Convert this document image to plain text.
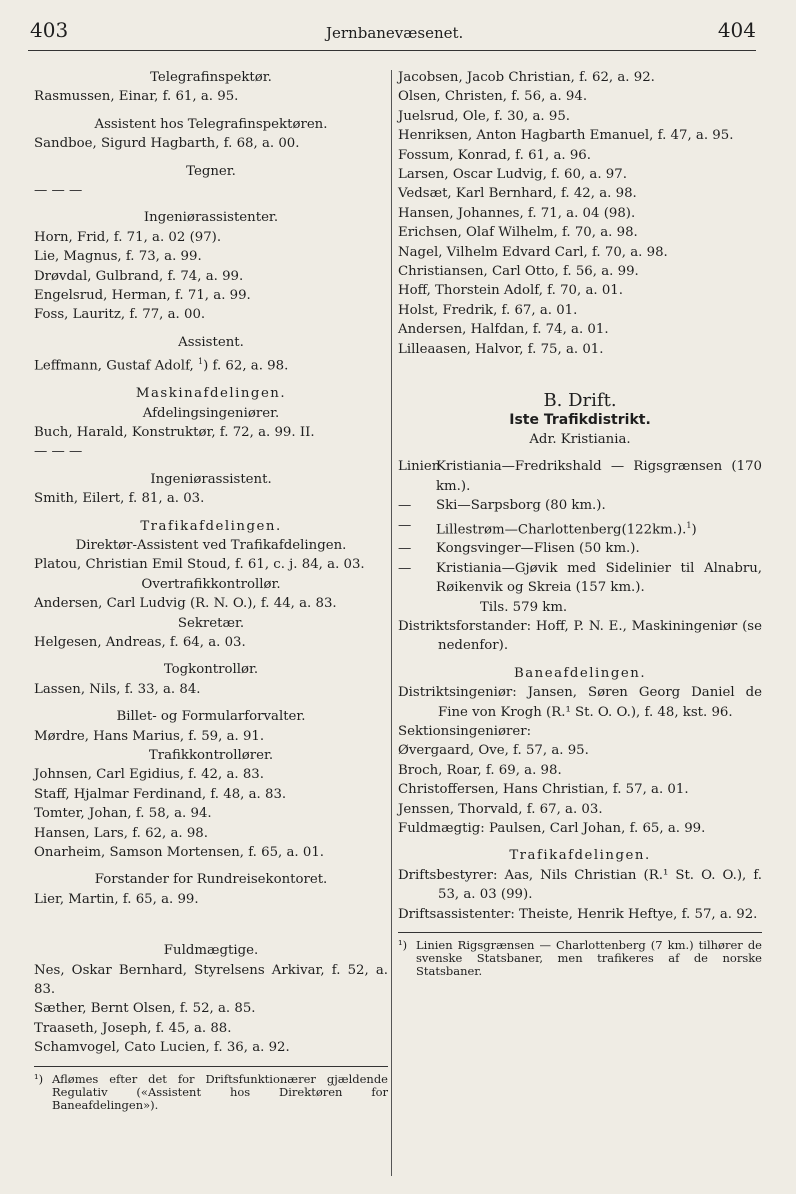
403	Jernbanevæsenet.	404

Telegrafinspektør.

Rasmussen, Einar, f. 61, a. 95.

Assistent hos Telegrafinspektøren.

Sandboe, Sigurd Hagbarth, f. 68, a. 00.

Tegner.

— — —

Ingeniørassistenter.

Horn, Frid, f. 71, a. 02 (97).

Lie, Magnus, f. 73, a. 99.

Drøvdal, Gulbrand, f. 74, a. 99.

Engelsrud, Herman, f. 71, a. 99.

Foss, Lauritz, f. 77, a. 00.

Assistent.

Leffmann, Gustaf Adolf, $^1$) f. 62, a. 98.

Maskinafdelingen.

Afdelingsingeniører.

Buch, Harald, Konstruktør, f. 72, a. 99. II.

— — —

Ingeniørassistent.

Smith, Eilert, f. 81, a. 03.

Trafikafdelingen.

Direktør-Assistent ved Trafikafdelingen.

Platou, Christian Emil Stoud, f. 61, c. j. 84, a. 03.

Overtrafikkontrollør.

Andersen, Carl Ludvig (R. N. O.), f. 44, a. 83.

Sekretær.

Helgesen, Andreas, f. 64, a. 03.

Togkontrollør.

Lassen, Nils, f. 33, a. 84.

Billet- og Formularforvalter.

Mørdre, Hans Marius, f. 59, a. 91.

Trafikkontrollører.

Johnsen, Carl Egidius, f. 42, a. 83.

Staff, Hjalmar Ferdinand, f. 48, a. 83.

Tomter, Johan, f. 58, a. 94.

Hansen, Lars, f. 62, a. 98.

Onarheim, Samson Mortensen, f. 65, a. 01.

Forstander for Rundreisekontoret.

Lier, Martin, f. 65, a. 99.

Fuldmægtige.

Nes, Oskar Bernhard, Styrelsens Arkivar, f. 52, a. 83.

Sæther, Bernt Olsen, f. 52, a. 85.

Traaseth, Joseph, f. 45, a. 88.

Schamvogel, Cato Lucien, f. 36, a. 92.

¹) Aflømes efter det for Driftsfunktionærer gjældende Regulativ («Assistent hos Direktøren for Baneafdelingen»).

Jacobsen, Jacob Christian, f. 62, a. 92.

Olsen, Christen, f. 56, a. 94.

Juelsrud, Ole, f. 30, a. 95.

Henriksen, Anton Hagbarth Emanuel, f. 47, a. 95.

Fossum, Konrad, f. 61, a. 96.

Larsen, Oscar Ludvig, f. 60, a. 97.

Vedsæt, Karl Bernhard, f. 42, a. 98.

Hansen, Johannes, f. 71, a. 04 (98).

Erichsen, Olaf Wilhelm, f. 70, a. 98.

Nagel, Vilhelm Edvard Carl, f. 70, a. 98.

Christiansen, Carl Otto, f. 56, a. 99.

Hoff, Thorstein Adolf, f. 70, a. 01.

Holst, Fredrik, f. 67, a. 01.

Andersen, Halfdan, f. 74, a. 01.

Lilleaasen, Halvor, f. 75, a. 01.

B. Drift.

Iste Trafikdistrikt.

Adr. Kristiania.

Linien
Kristiania—Fredrikshald — Rigsgrænsen (170 km.).
—	Ski—Sarpsborg (80 km.).
—	Lillestrøm—Charlottenberg(122km.).$^1$)
—	Kongsvinger—Flisen (50 km.).
—	Kristiania—Gjøvik med Sidelinier til Alnabru, Røikenvik og Skreia (157 km.).

Tils. 579 km.

Distriktsforstander: Hoff, P. N. E., Maskiningeniør (se nedenfor).

Baneafdelingen.

Distriktsingeniør: Jansen, Søren Georg Daniel de Fine von Krogh (R.¹ St. O. O.), f. 48, kst. 96.

Sektionsingeniører:

Øvergaard, Ove, f. 57, a. 95.

Broch, Roar, f. 69, a. 98.

Christoffersen, Hans Christian, f. 57, a. 01.

Jenssen, Thorvald, f. 67, a. 03.

Fuldmægtig: Paulsen, Carl Johan, f. 65, a. 99.

Trafikafdelingen.

Driftsbestyrer: Aas, Nils Christian (R.¹ St. O. O.), f. 53, a. 03 (99).

Driftsassistenter: Theiste, Henrik Heftye, f. 57, a. 92.

¹) Linien Rigsgrænsen — Charlottenberg (7 km.) tilhører de svenske Statsbaner, men trafikeres af de norske Statsbaner.
